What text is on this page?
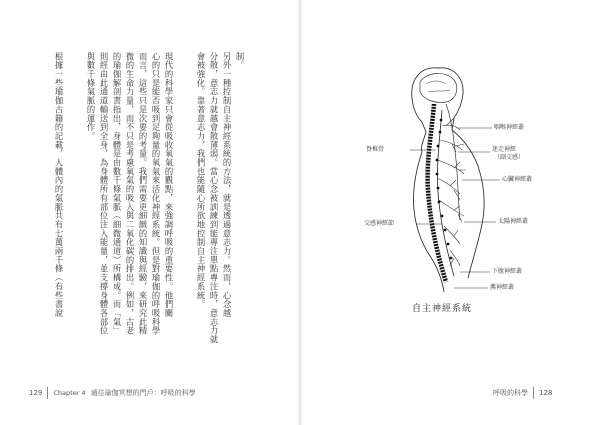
制。
另外一種控制自主神經系統的方法，就是透過意志力。然而，心念越
分散，意志力就越會散薄弱。當心念被訓練到能專注單點專注時，意志力就
會被強化。靠著意志力，我們也能隨心所欲地控制自主神經系統。
現代的科學家只會從吸收氧氣的觀點，來強調呼吸的重要性。他們關
心的只是能否吸到足夠量的氧氣來活化神經系統。但是對瑜伽的呼吸科學
而言，這些只是次要的考量。我們需要更細緻的知識與經驗，來研究此精
微的生命力量，而不只是考慮氧氣的吸入與二氧化碳的排出。例如，古老
的瑜伽解剖書指出，身體是由數千條氣脈（細微通道）所構成。而「氣」
則經由此通道輸送到全身，為身體所有部位注入能量，並支撐身體各部位
與數千條氣脈的運作。
根據一些瑜伽古籍的記載，人體內的氣脈共有七萬兩千條（有些書說
129 Chapter 4 通往瑜伽冥想的門戶：呼吸的科學
脊椎骨
交感神經節
咽喉神經叢
迷走神經
（副交感）
心臟神經叢
太陽神經叢
下腹神經叢
薦神經叢
自主神經系統
呼吸的科學 128
